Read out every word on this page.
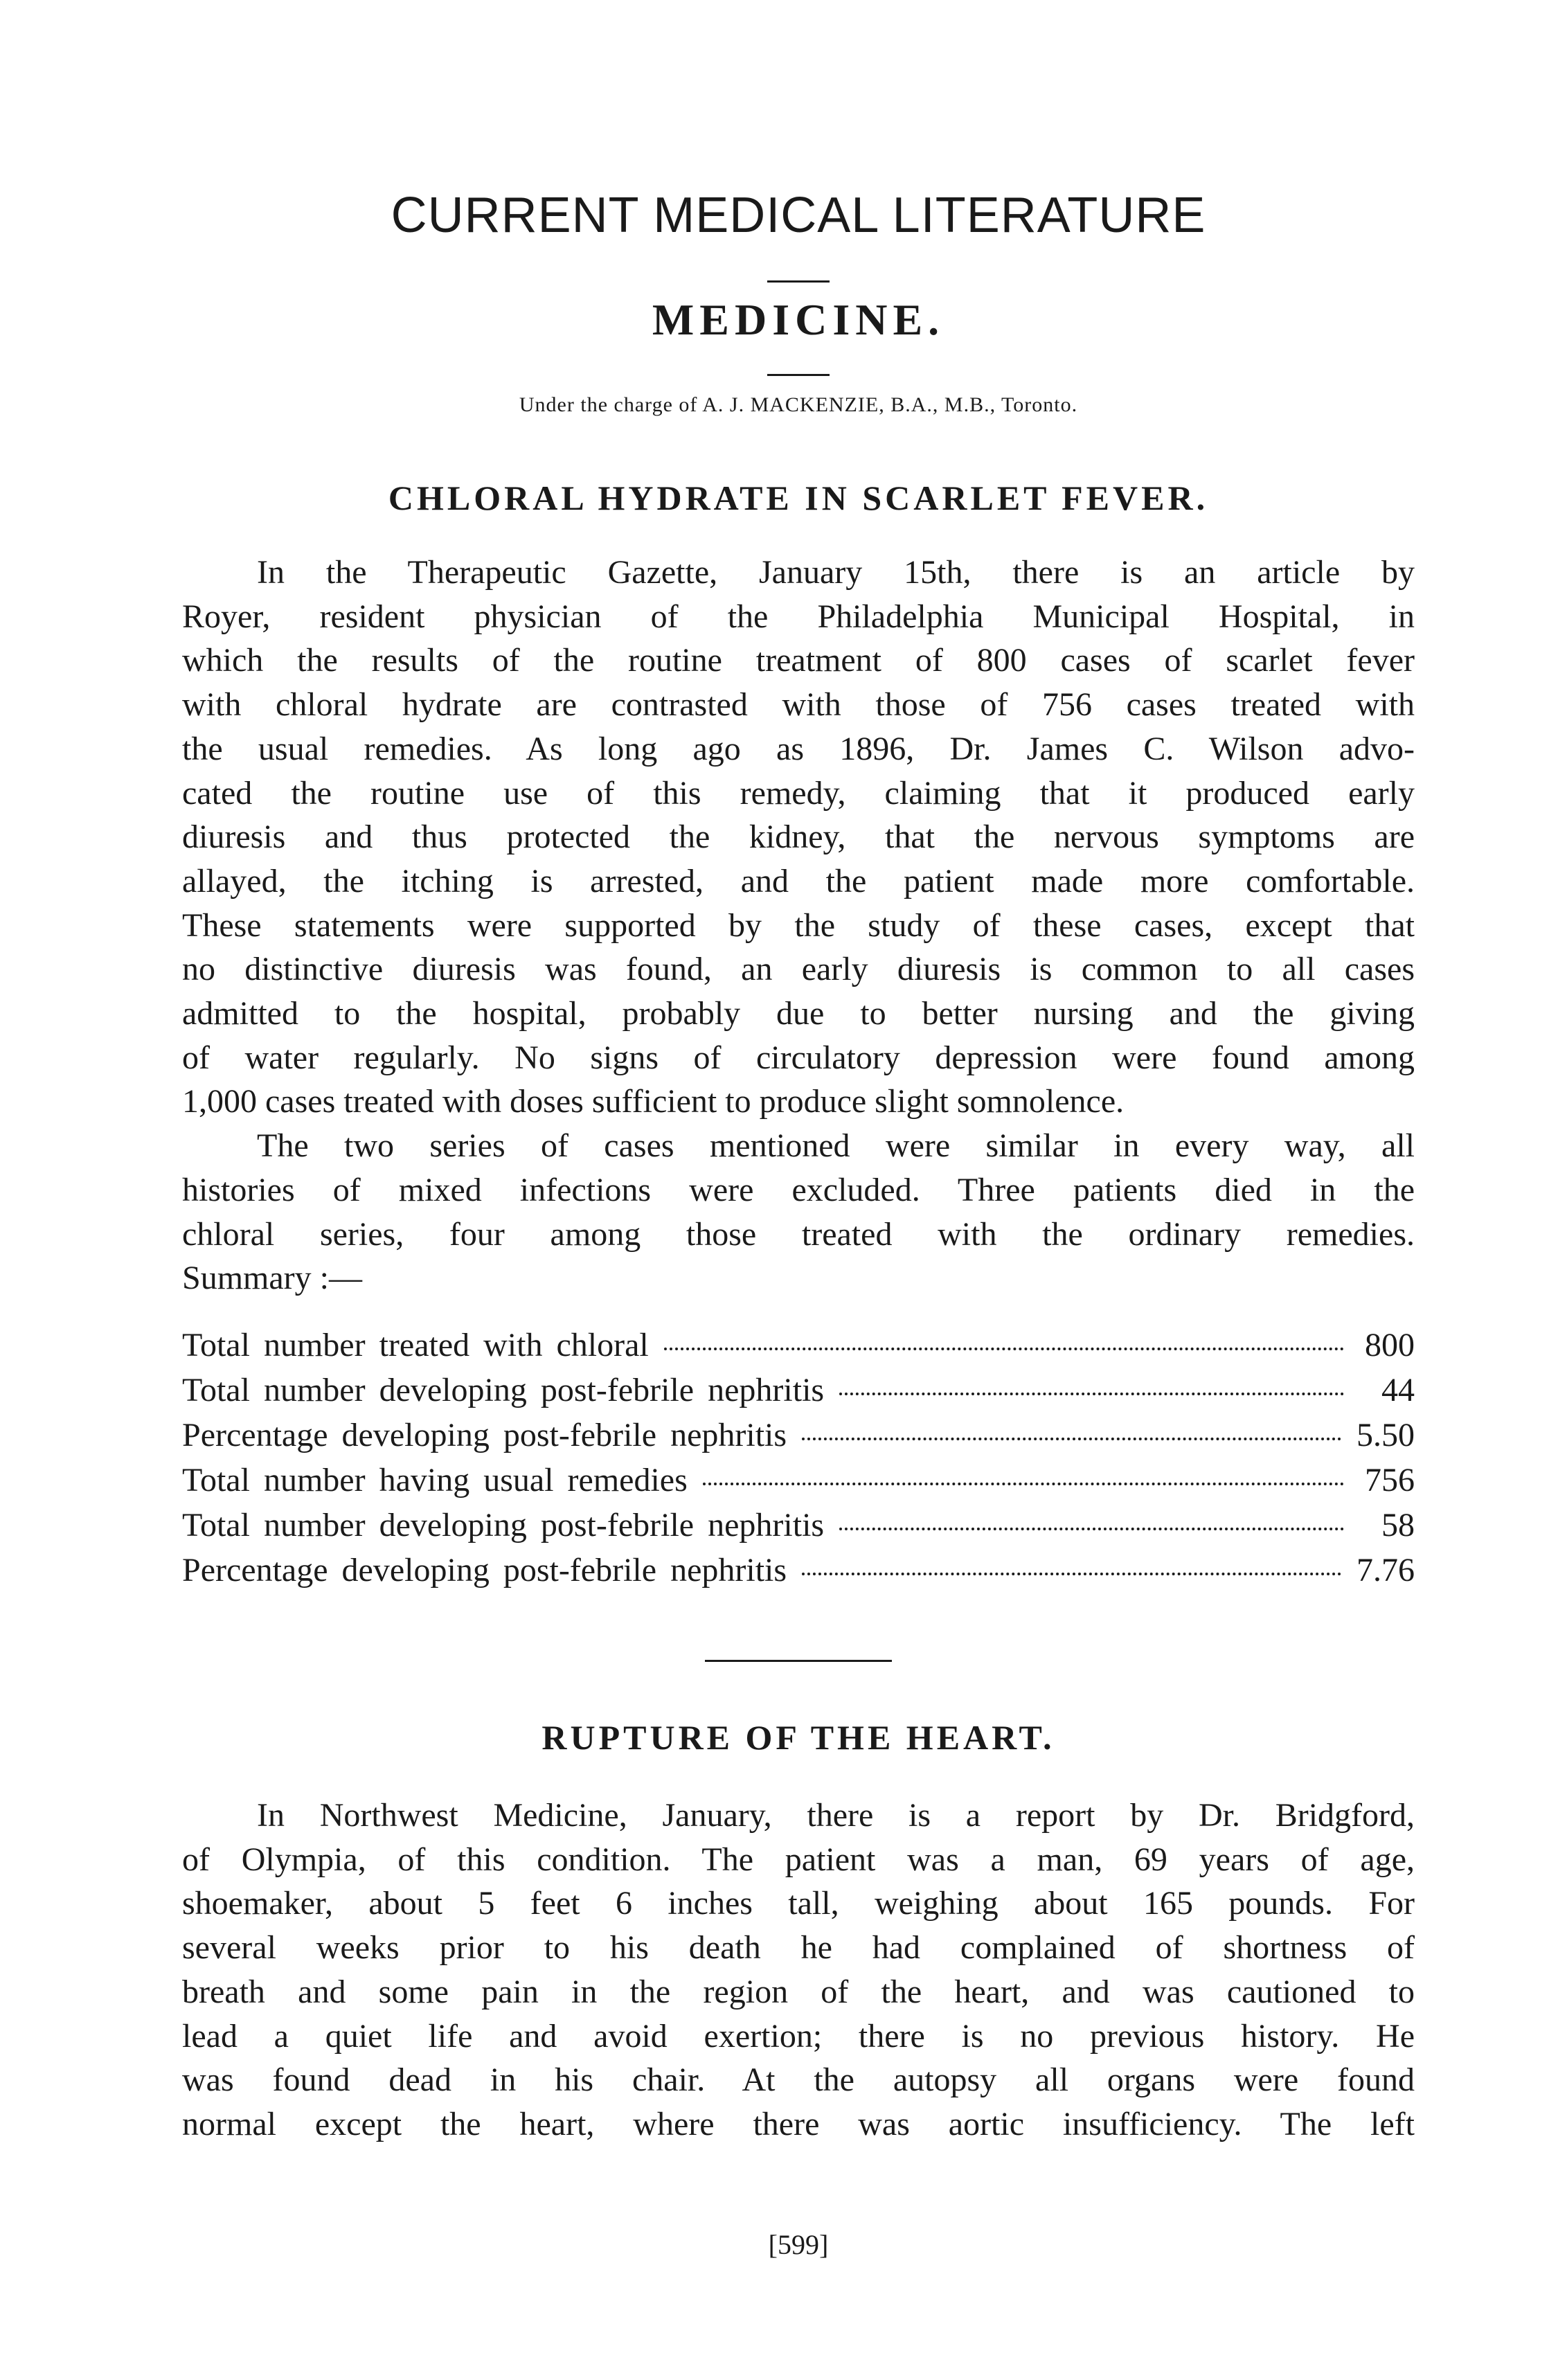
CURRENT MEDICAL LITERATURE
MEDICINE.
Under the charge of A. J. MACKENZIE, B.A., M.B., Toronto.
CHLORAL HYDRATE IN SCARLET FEVER.
In the Therapeutic Gazette, January 15th, there is an article by
Royer, resident physician of the Philadelphia Municipal Hospital, in
which the results of the routine treatment of 800 cases of scarlet fever
with chloral hydrate are contrasted with those of 756 cases treated with
the usual remedies. As long ago as 1896, Dr. James C. Wilson advo-
cated the routine use of this remedy, claiming that it produced early
diuresis and thus protected the kidney, that the nervous symptoms are
allayed, the itching is arrested, and the patient made more comfortable.
These statements were supported by the study of these cases, except that
no distinctive diuresis was found, an early diuresis is common to all cases
admitted to the hospital, probably due to better nursing and the giving
of water regularly. No signs of circulatory depression were found among
1,000 cases treated with doses sufficient to produce slight somnolence.
The two series of cases mentioned were similar in every way, all
histories of mixed infections were excluded. Three patients died in the
chloral series, four among those treated with the ordinary remedies.
Summary :—
Total number treated with chloral	800
Total number developing post-febrile nephritis	44
Percentage developing post-febrile nephritis	5.50
Total number having usual remedies	756
Total number developing post-febrile nephritis	58
Percentage developing post-febrile nephritis	7.76
RUPTURE OF THE HEART.
In Northwest Medicine, January, there is a report by Dr. Bridgford,
of Olympia, of this condition. The patient was a man, 69 years of age,
shoemaker, about 5 feet 6 inches tall, weighing about 165 pounds. For
several weeks prior to his death he had complained of shortness of
breath and some pain in the region of the heart, and was cautioned to
lead a quiet life and avoid exertion; there is no previous history. He
was found dead in his chair. At the autopsy all organs were found
normal except the heart, where there was aortic insufficiency. The left
[599]
